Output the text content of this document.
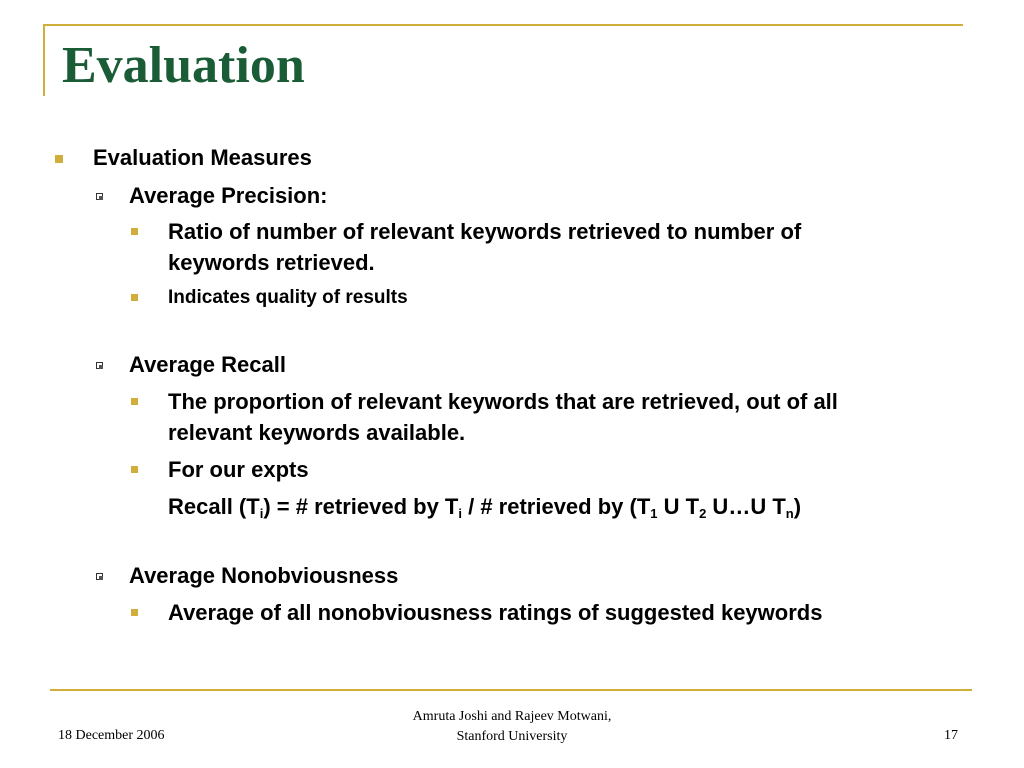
Evaluation
Evaluation Measures
Average Precision:
Ratio of number of relevant keywords retrieved to number of
keywords retrieved.
Indicates quality of results
Average Recall
The proportion of relevant keywords that are retrieved, out of all
relevant keywords available.
For our expts
Recall $(T_i)$ = # retrieved by $T_i$ / # retrieved by ($T_1$ U $T_2$ U…U $T_n$)
Average Nonobviousness
Average of all nonobviousness ratings of suggested keywords
18 December 2006
Amruta Joshi and Rajeev Motwani,
Stanford University	17
